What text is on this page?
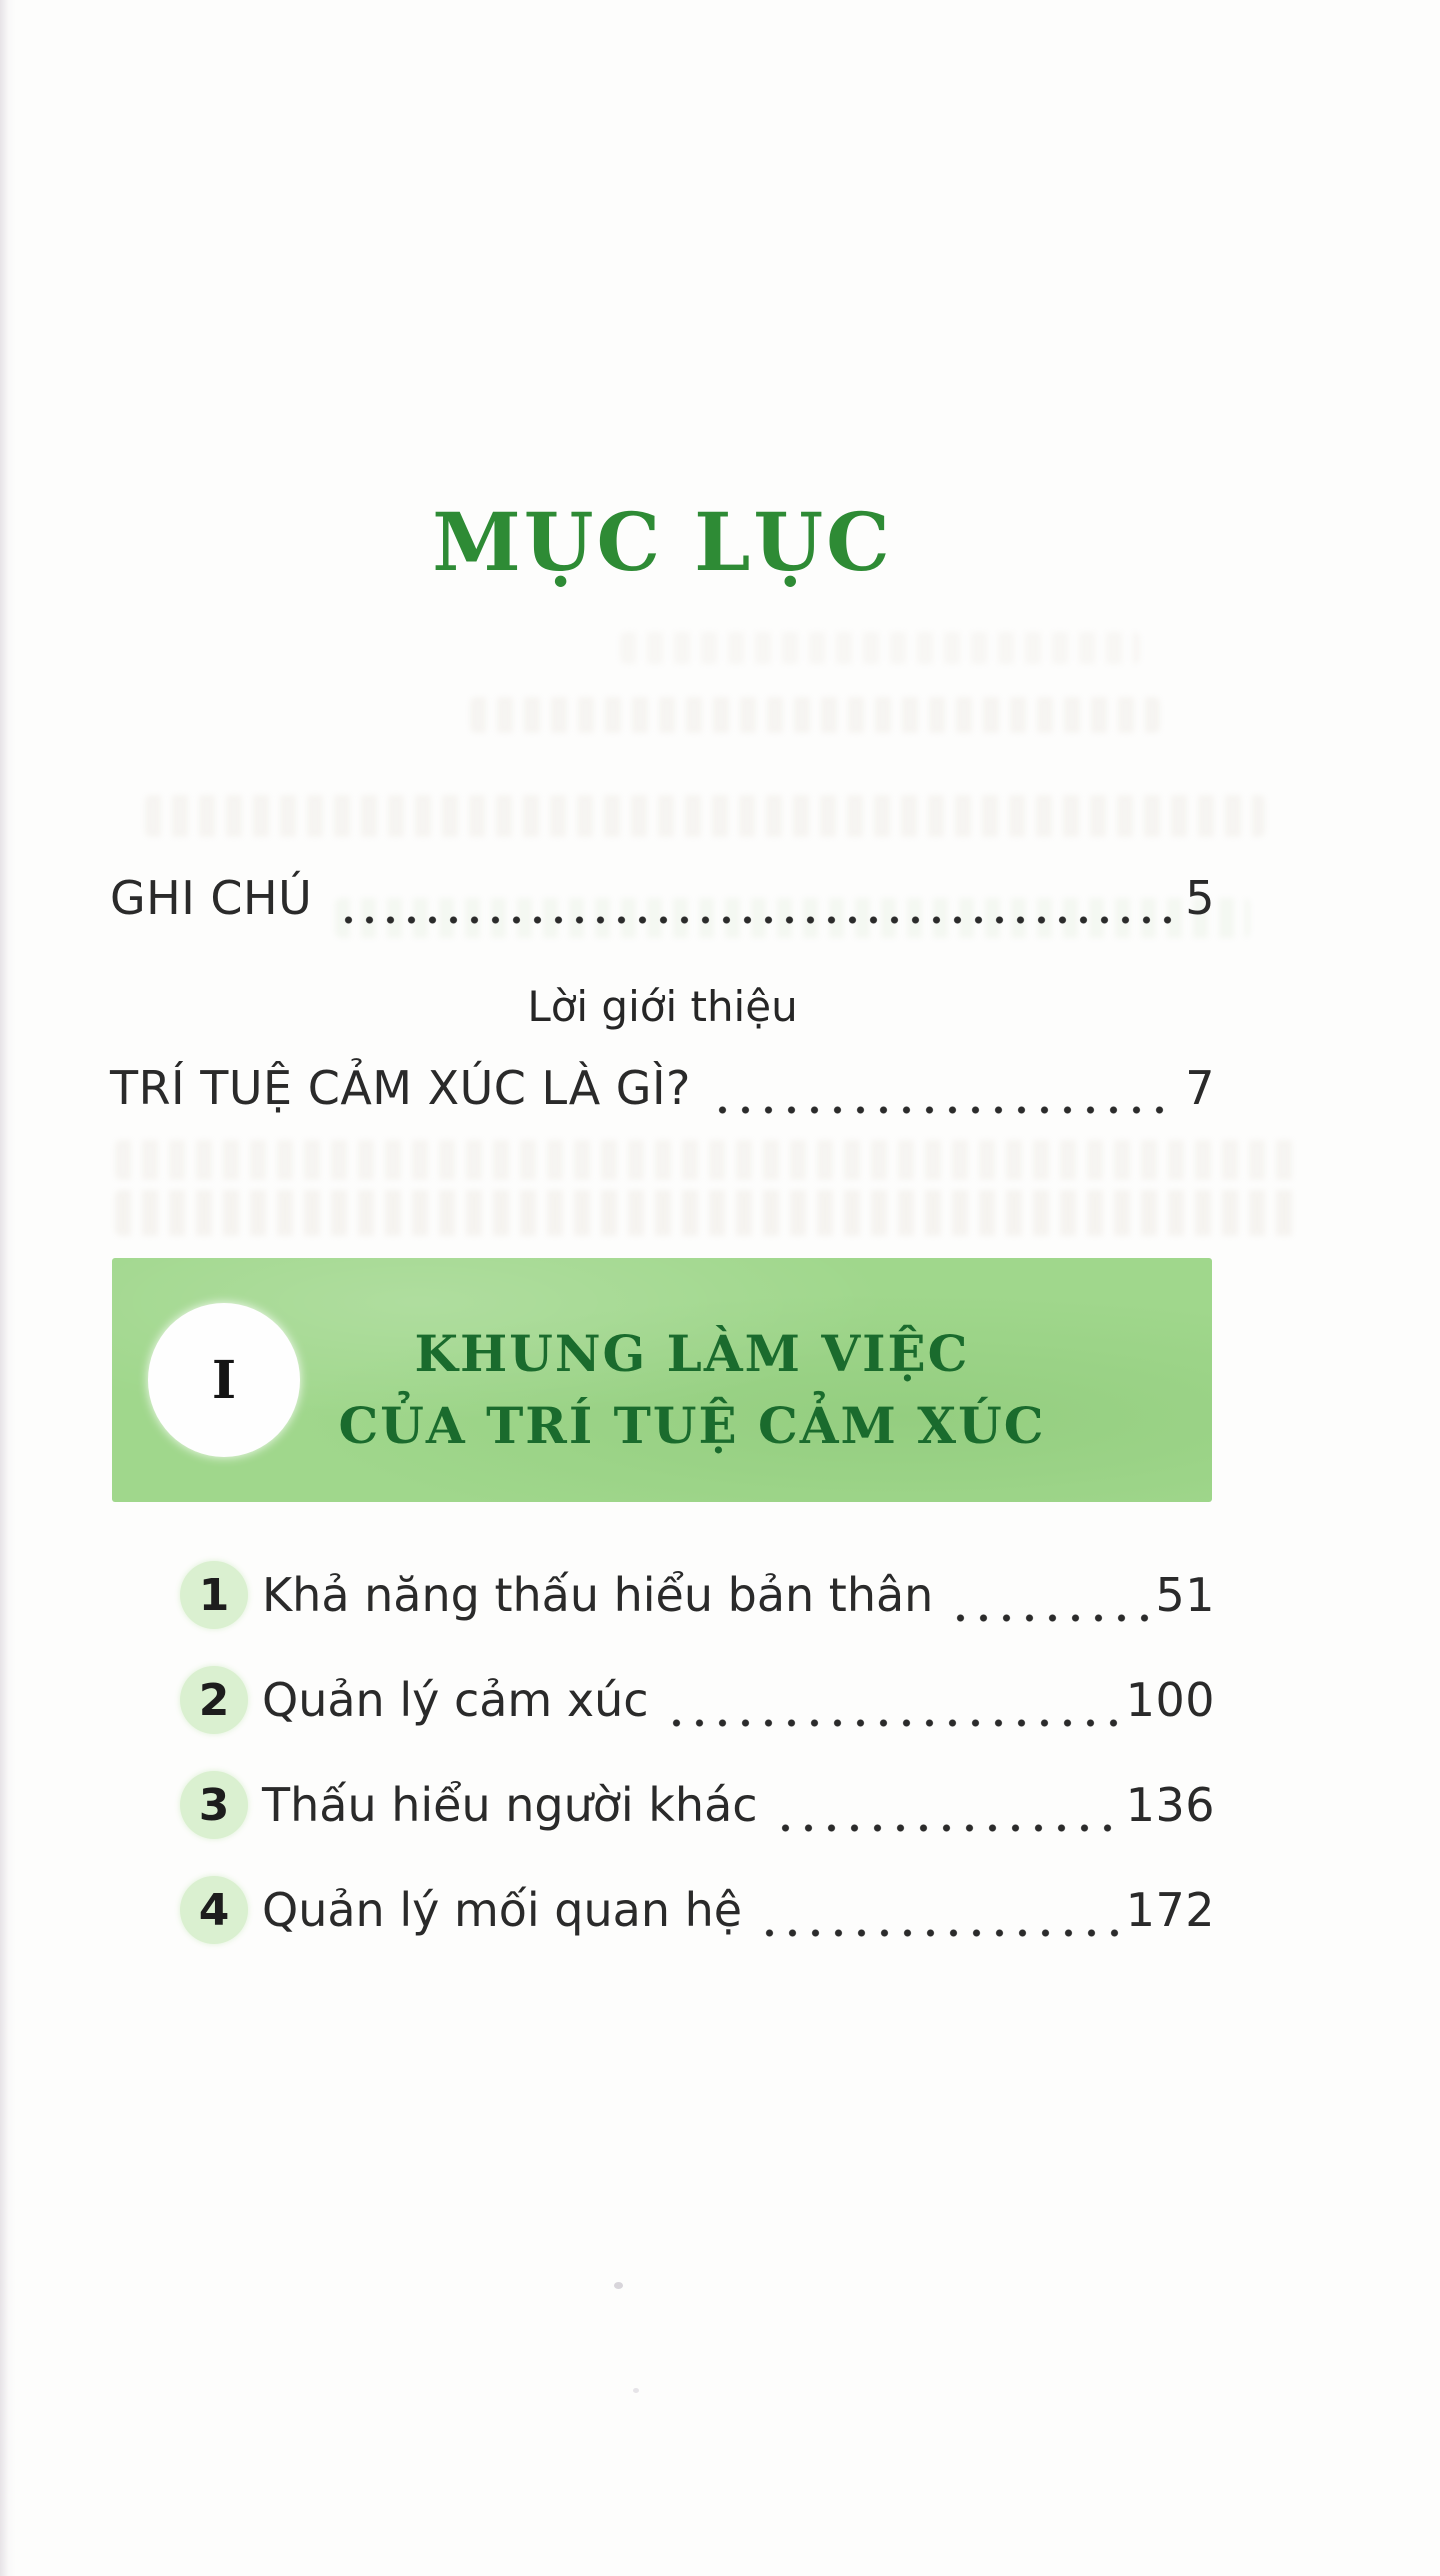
MỤC LỤC
GHI CHÚ	5
Lời giới thiệu
TRÍ TUỆ CẢM XÚC LÀ GÌ?	7
I	KHUNG LÀM VIỆC
CỦA TRÍ TUỆ CẢM XÚC
1 Khả năng thấu hiểu bản thân	51
2 Quản lý cảm xúc	100
3 Thấu hiểu người khác	136
4 Quản lý mối quan hệ	172
